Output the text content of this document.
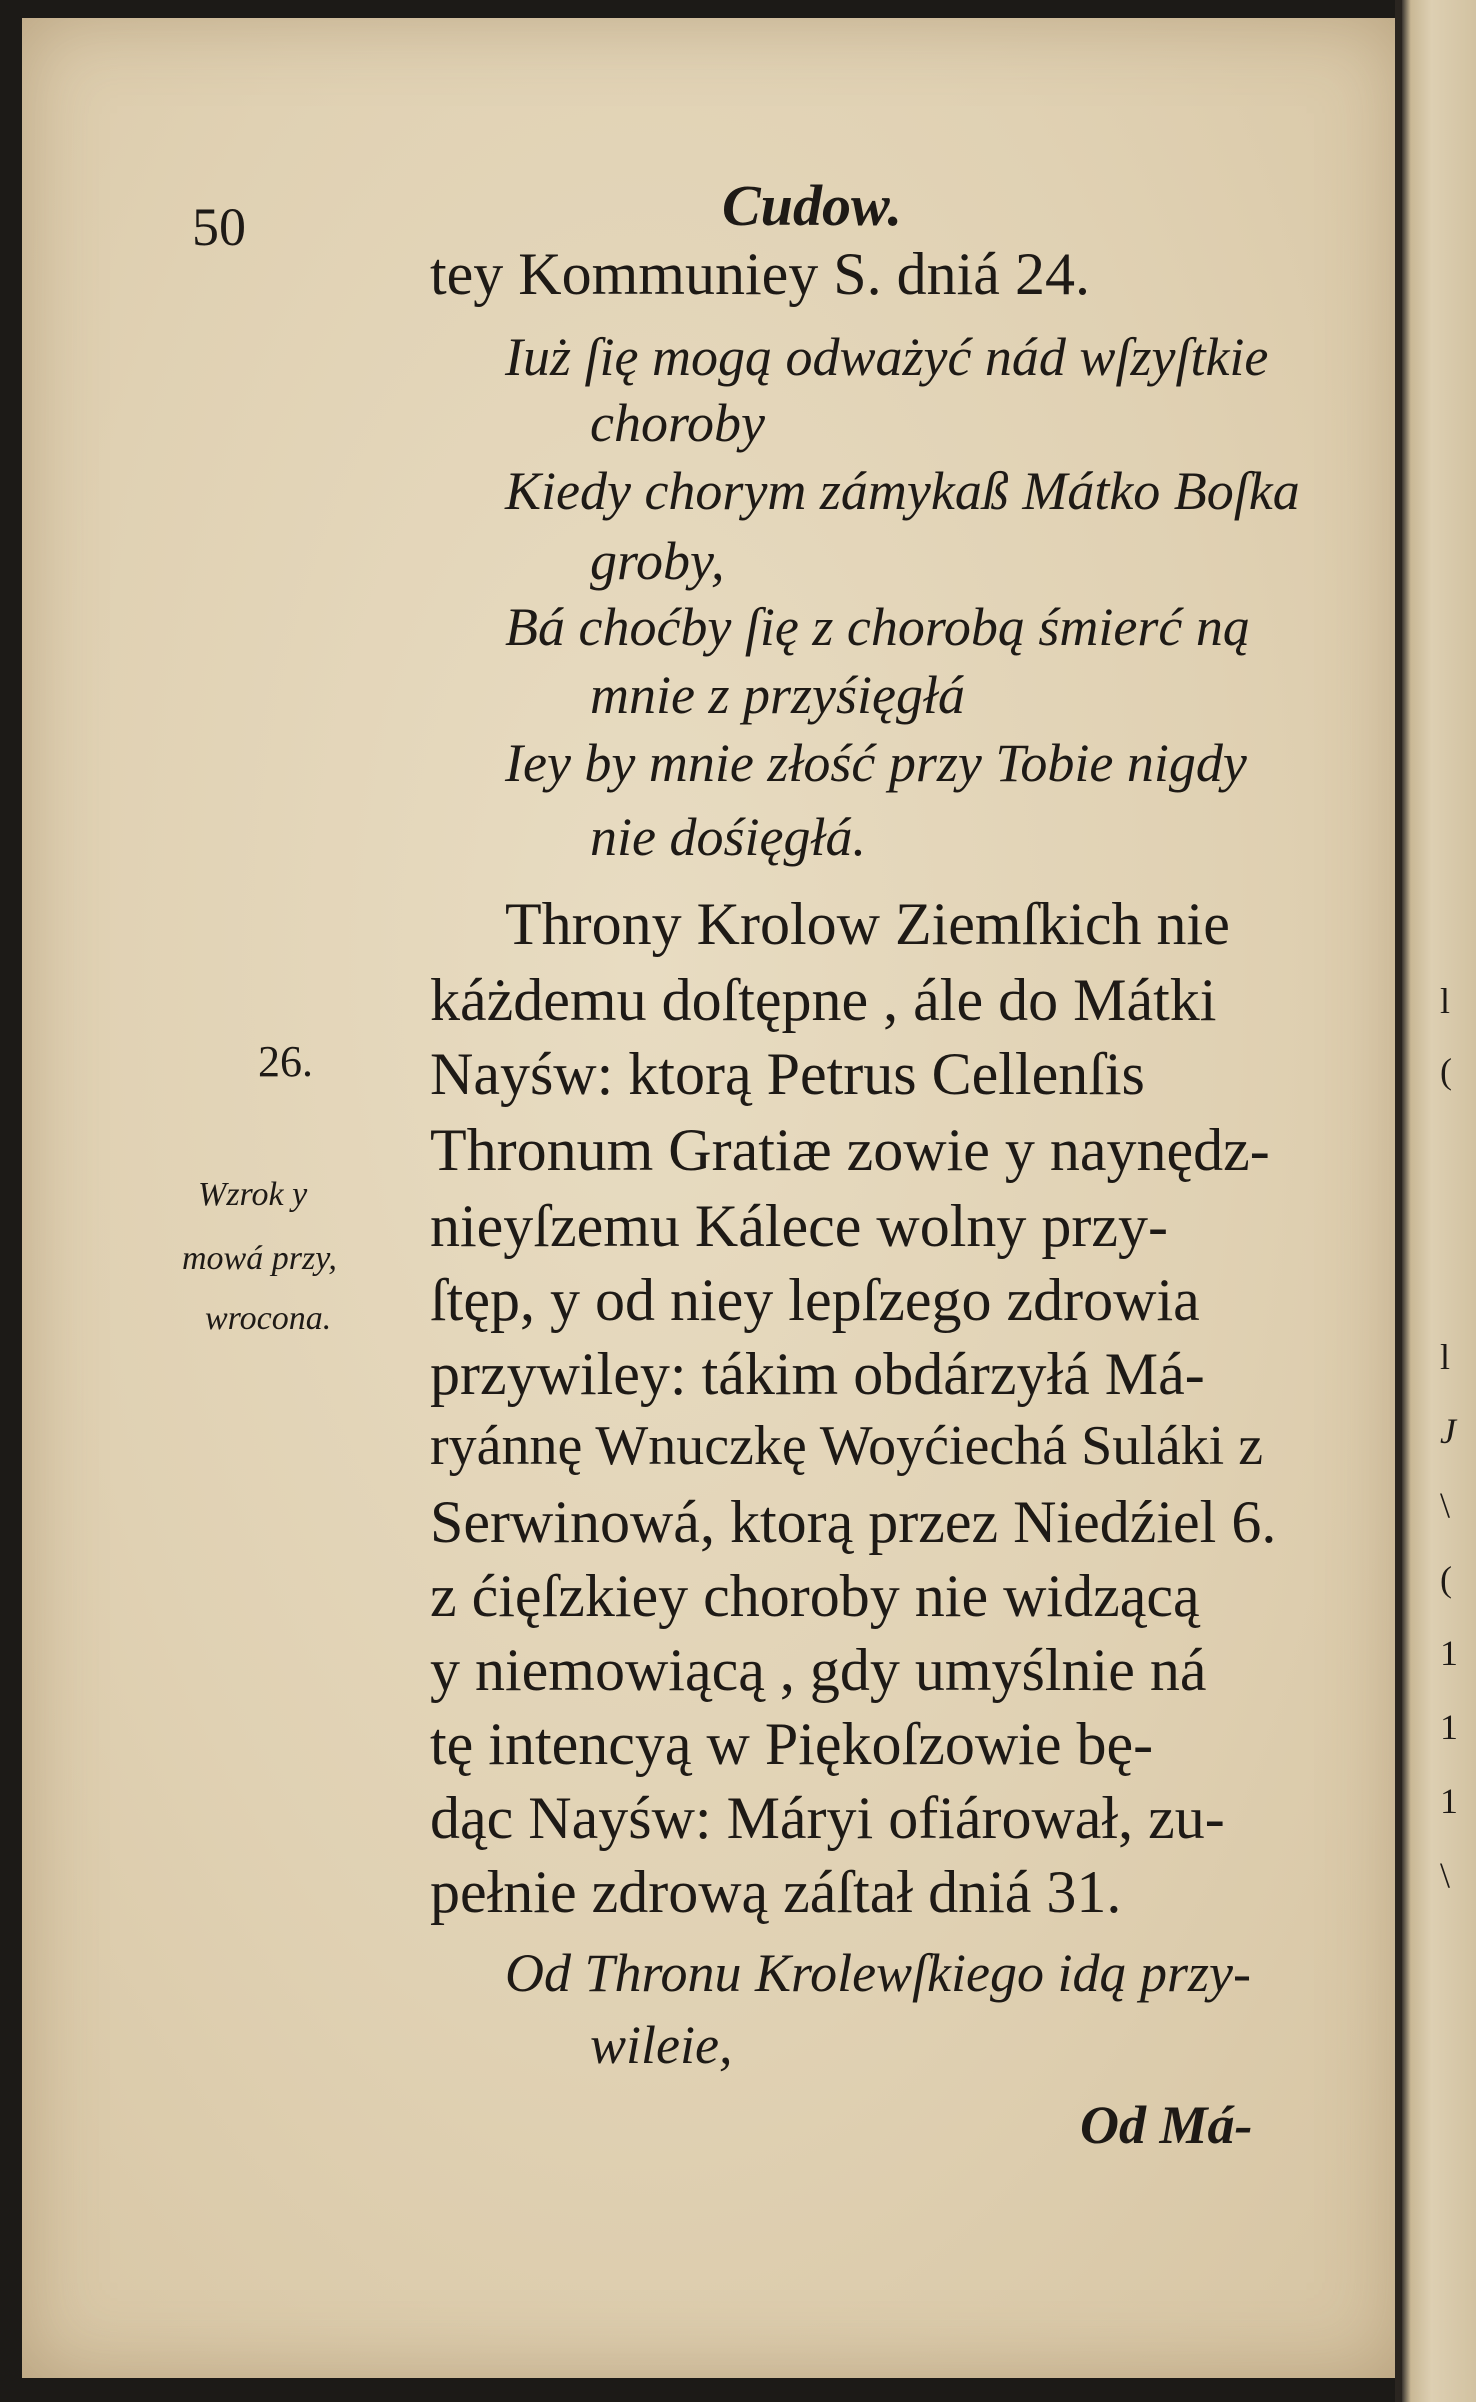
50	Cudow.
tey Kommuniey S. dniá 24.
Iuż ſię mogą odważyć nád wſzyſtkie
choroby
Kiedy chorym zámykaß Mátko Boſka
groby,
Bá choćby ſię z chorobą śmierć ną
mnie z przyśięgłá
Iey by mnie złość przy Tobie nigdy
nie dośięgłá.
Throny Krolow Ziemſkich nie
káżdemu doſtępne , ále do Mátki
Nayśw: ktorą Petrus Cellenſis
Thronum Gratiæ zowie y naynędz-
nieyſzemu Kálece wolny przy-
ſtęp, y od niey lepſzego zdrowia
przywiley: tákim obdárzyłá Má-
ryánnę Wnuczkę Woyćiechá Suláki z
Serwinowá, ktorą przez Niedźiel 6.
z ćięſzkiey choroby nie widzącą
y niemowiącą , gdy umyślnie ná
tę intencyą w Piękoſzowie bę-
dąc Nayśw: Máryi ofiárował, zu-
pełnie zdrową záſtał dniá 31.
Od Thronu Krolewſkiego idą przy-
wileie,
Od Má-
26.
Wzrok y
mowá przy,
wrocona.
l
(
l
J
\
(
1
1
1
\
